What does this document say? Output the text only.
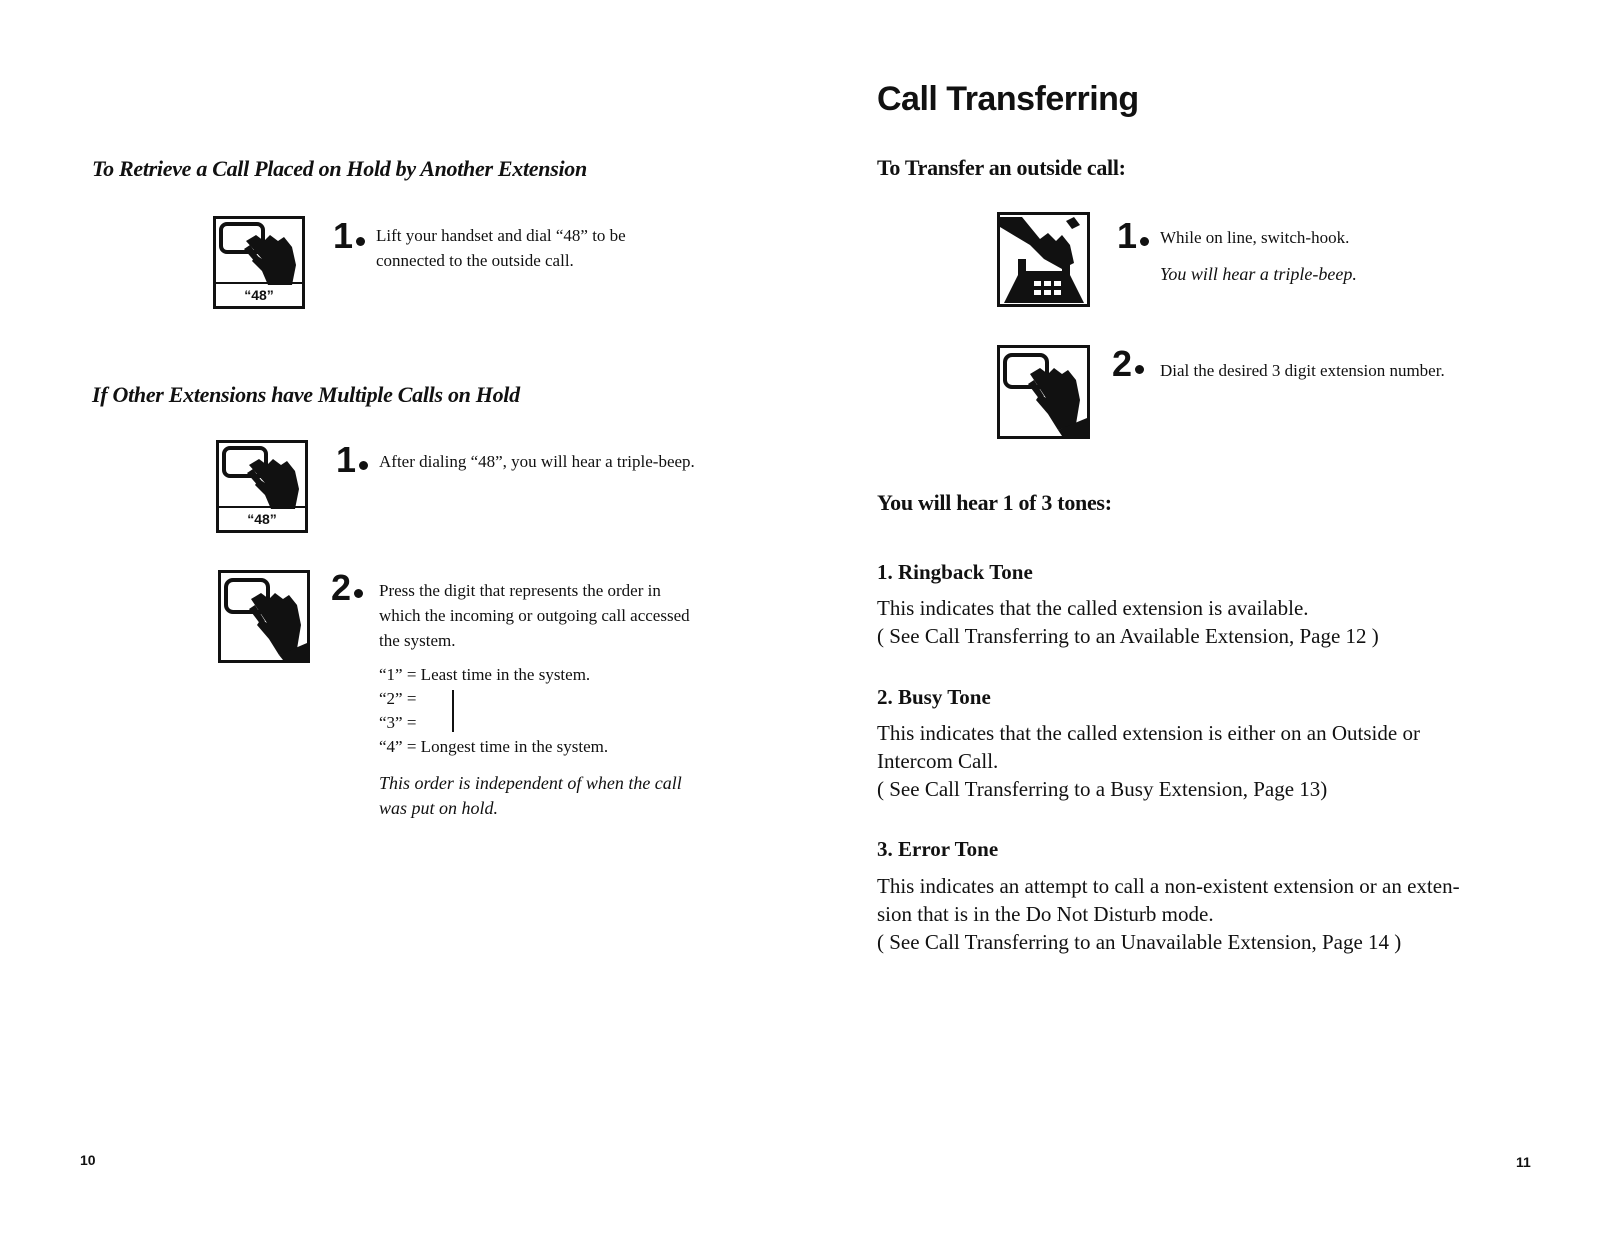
To Retrieve a Call Placed on Hold by Another Extension
“48”
1	Lift your handset and dial “48” to be
connected to the outside call.
If Other Extensions have Multiple Calls on Hold
“48”
1	After dialing “48”, you will hear a triple-beep.
2	Press the digit that represents the order in
which the incoming or outgoing call accessed
the system.
“1” = Least time in the system.
“2” =
“3” =
“4” = Longest time in the system.
This order is independent of when the call
was put on hold.
10
Call Transferring
To Transfer an outside call:
1	While on line, switch-hook.
You will hear a triple-beep.
2	Dial the desired 3 digit extension number.
You will hear 1 of 3 tones:
1. Ringback Tone
This indicates that the called extension is available.
( See Call Transferring to an Available Extension, Page 12 )
2. Busy Tone
This indicates that the called extension is either on an Outside or
Intercom Call.
( See Call Transferring to a Busy Extension, Page 13)
3. Error Tone
This indicates an attempt to call a non-existent extension or an exten-
sion that is in the Do Not Disturb mode.
( See Call Transferring to an Unavailable Extension, Page 14 )
11
